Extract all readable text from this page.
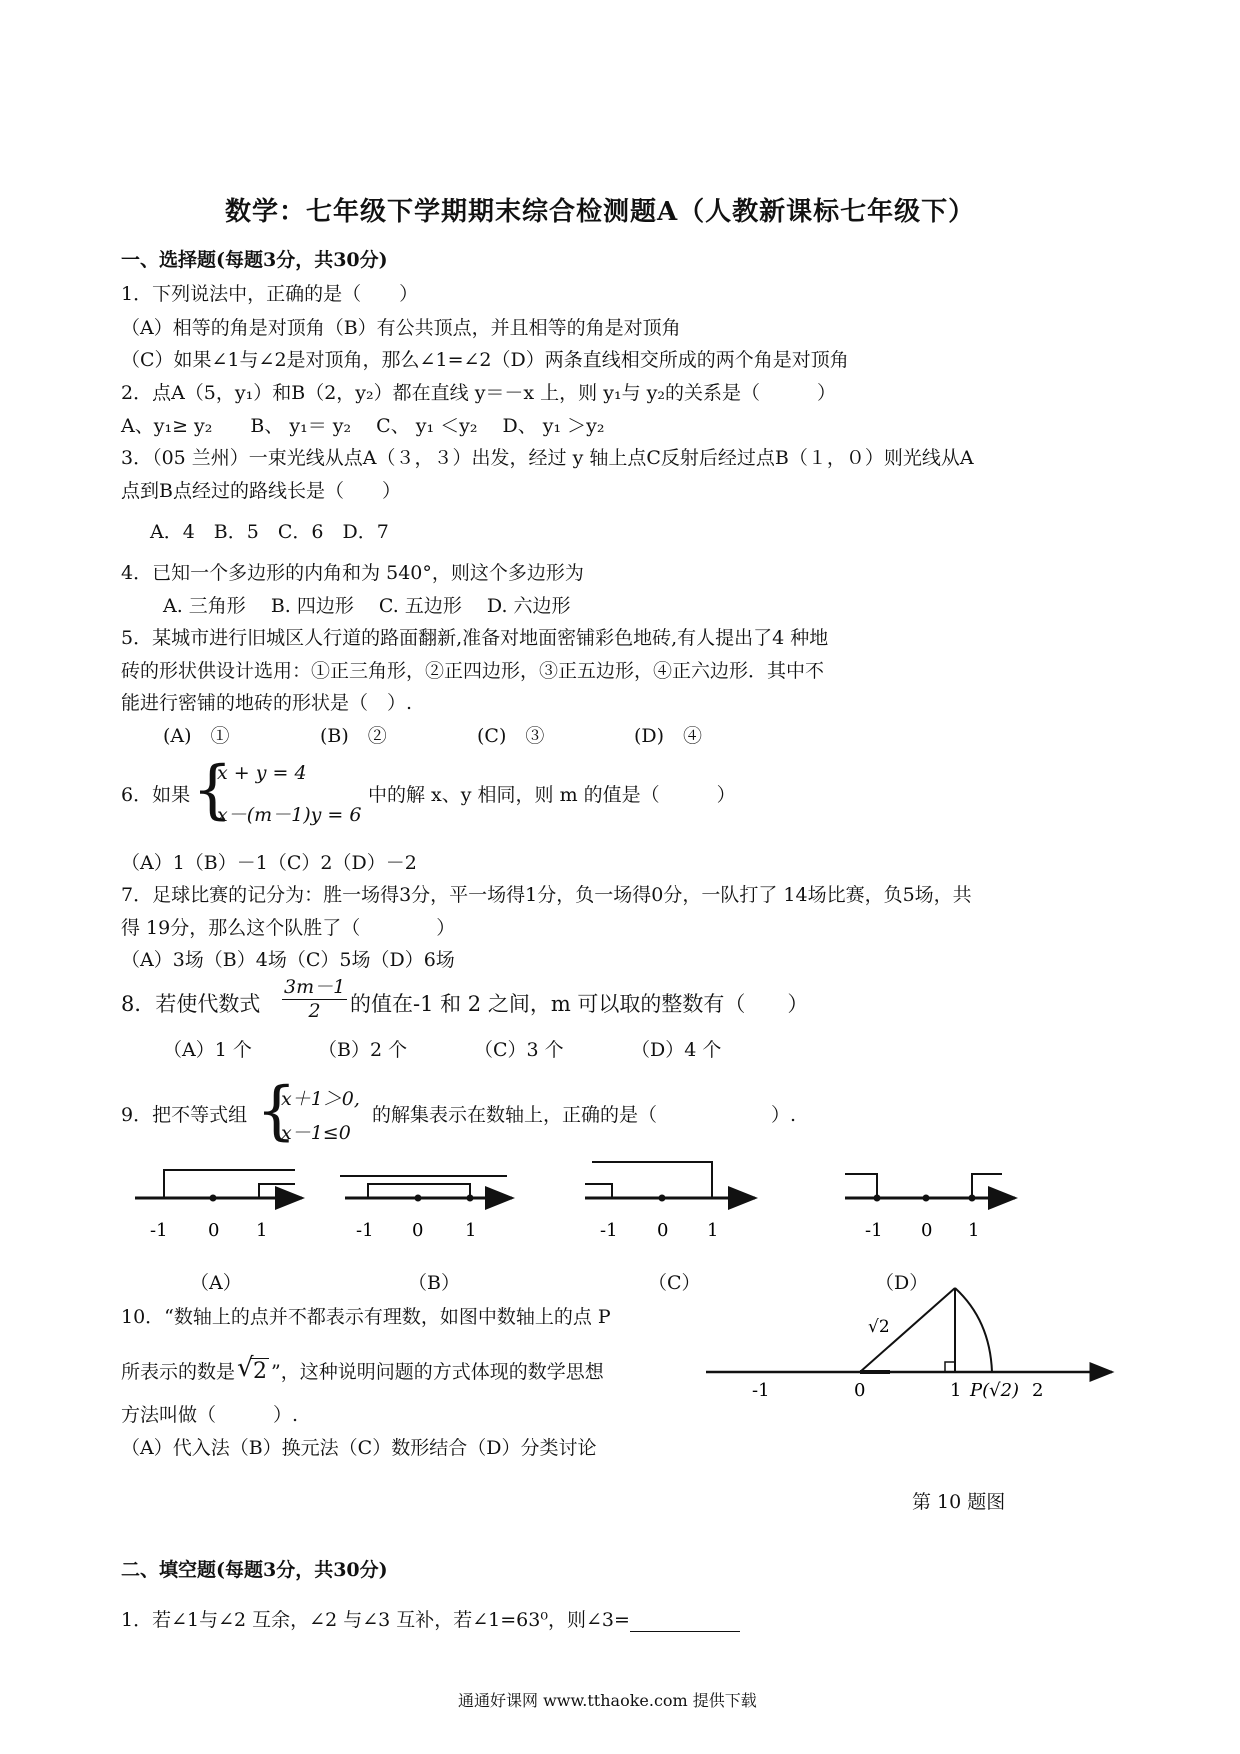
数学：七年级下学期期末综合检测题A（人教新课标七年级下）
一、选择题(每题3分，共30分)
1．下列说法中，正确的是（　　）
（A）相等的角是对顶角（B）有公共顶点，并且相等的角是对顶角
（C）如果∠1与∠2是对顶角，那么∠1=∠2（D）两条直线相交所成的两个角是对顶角
2．点A（5，y₁）和B（2，y₂）都在直线 y＝－x 上，则 y₁与 y₂的关系是（　　　）
A、y₁≥ y₂　　B、 y₁＝ y₂　 C、 y₁ ＜y₂　 D、 y₁ ＞y₂
3．（05 兰州）一束光线从点A（３，３）出发，经过 y 轴上点C反射后经过点B（１，０）则光线从A
点到B点经过的路线长是（　　）
A．4　B．5　C．6　D．7
4．已知一个多边形的内角和为 540°，则这个多边形为
A. 三角形　 B. 四边形　 C. 五边形　 D. 六边形
5．某城市进行旧城区人行道的路面翻新,准备对地面密铺彩色地砖,有人提出了4 种地
砖的形状供设计选用：①正三角形，②正四边形，③正五边形，④正六边形．其中不
能进行密铺的地砖的形状是（　）.
(A)　①	(B)　②	(C)　③	(D)　④
6．如果 {
x + y = 4
x－(m－1)y = 6
中的解 x、y 相同，则 m 的值是（　　　）
（A）1（B）－1（C）2（D）－2
7．足球比赛的记分为：胜一场得3分，平一场得1分，负一场得0分，一队打了 14场比赛，负5场，共
得 19分，那么这个队胜了（　　　　）
（A）3场（B）4场（C）5场（D）6场
8．若使代数式 $\frac{3m-1}{2}$ 的值在-1 和 2 之间，m 可以取的整数有（　　）
（A）1 个	（B）2 个	（C）3 个	（D）4 个
9．把不等式组 {
x＋1＞0,
x－1≤0
的解集表示在数轴上，正确的是（　　　　　　）.
-1 0 1	-1 0 1	-1 0 1	-1 0 1
（A）	（B）	（C）	（D）
10．“数轴上的点并不都表示有理数，如图中数轴上的点 P
所表示的数是 √ 2 ”，这种说明问题的方式体现的数学思想
方法叫做（　　　）.
（A）代入法（B）换元法（C）数形结合（D）分类讨论
√2
-1	0	1 P(√2) 2
第 10 题图
二、填空题(每题3分，共30分)
1．若∠1与∠2 互余，∠2 与∠3 互补，若∠1=63⁰，则∠3=
通通好课网 www.tthaoke.com 提供下载
